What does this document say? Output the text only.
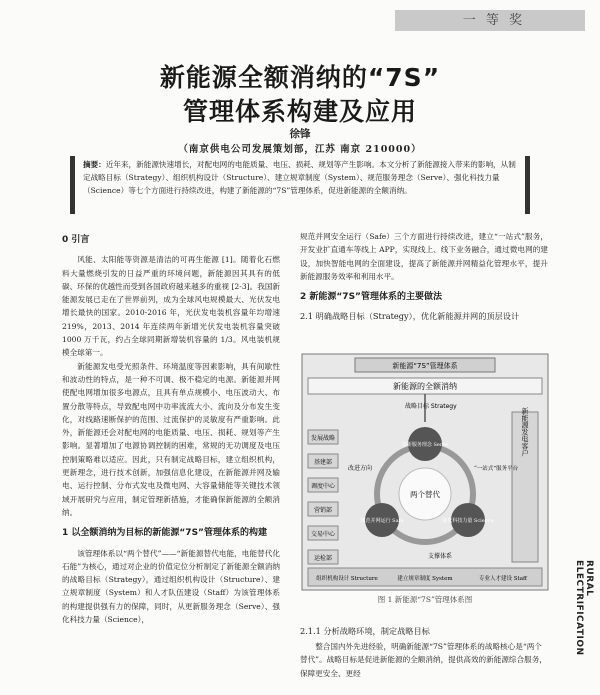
一 等 奖
新能源全额消纳的“7S”
管理体系构建及应用
徐锋
（南京供电公司发展策划部，江苏 南京 210000）
摘要：近年来，新能源快速增长，对配电网的电能质量、电压、损耗、规划等产生影响。本文分析了新能源接入带来的影响，从制定战略目标（Strategy）、组织机构设计（Structure）、建立规章制度（System）、规范服务理念（Serve）、强化科技力量（Science）等七个方面进行持续改进，构建了新能源的“7S”管理体系，促进新能源的全额消纳。
0 引言

风能、太阳能等资源是清洁的可再生能源 [1]。随着化石燃料大量燃烧引发的日益严重的环境问题，新能源因其具有的低碳、环保的优越性而受到各国政府越来越多的重视 [2-3]。我国新能源发展已走在了世界前列，成为全球风电规模最大、光伏发电增长最快的国家。2010-2016 年，光伏发电装机容量年均增速 219%，2013、2014 年连续两年新增光伏发电装机容量突破 1000 万千瓦，约占全球同期新增装机容量的 1/3。风电装机规模全球第一。

新能源发电受光照条件、环境温度等因素影响，具有间歇性和波动性的特点，是一种不可调、极不稳定的电源。新能源并网使配电网增加很多电源点，且具有单点规模小、电压波动大、布置分散等特点，导致配电网中功率流流大小、流向及分布发生变化，对线路速断保护的范围、过流保护的灵敏度有严重影响。此外，新能源还会对配电网的电能质量、电压、损耗、规划等产生影响。显著增加了电源协调控制的困难，常规的无功调度及电压控制策略难以适应。因此，只有制定战略目标，建立组织机构，更新理念，进行技术创新，加强信息化建设，在新能源并网及输电、运行控制、分布式发电及微电网、大容量储能等关键技术领域开展研究与应用，制定管理新措施，才能确保新能源的全额消纳。

1 以全额消纳为目标的新能源“7S”管理体系的构建

该管理体系以“两个替代”——“新能源替代电能，电能替代化石能”为核心，通过对企业的价值定位分析制定了新能源全额消纳的战略目标（Strategy），通过组织机构设计（Structure）、建立规章制度（System）和人才队伍建设（Staff）为该管理体系的构建提供强有力的保障，同时，从更新服务理念（Serve）、强化科技力量（Science），

规范并网安全运行（Safe）三个方面进行持续改进，建立“一站式”服务，开发业扩直通车等线上 APP，实现线上、线下业务融合，通过微电网的建设，加快智能电网的全面建设，提高了新能源并网精益化管理水平，提升新能源服务效率和利用水平。

2 新能源“7S”管理体系的主要做法
2.1 明确战略目标（Strategy），优化新能源并网的顶层设计
新能源“7S”管理体系
新能源的全额消纳
发展战略
基建部
调度中心
营销部
交易中心
运检部
新能源发电客户
战略目标 Strategy
两个替代
更新服务理念 Serve
规范并网运行 Safe	强化科技力量 Science
改进方向	“一站式”服务平台
支撑体系
组织机构设计 Structure	建立规章制度 System	专业人才建设 Staff
图 1 新能源“7S”管理体系图
2.1.1 分析战略环境，制定战略目标

整合国内外先进经验，明确新能源“7S”管理体系的战略核心是“两个替代”。战略目标是促进新能源的全额消纳，提供高效的新能源综合服务，保障更安全、更经

RURAL ELECTRIFICATION
